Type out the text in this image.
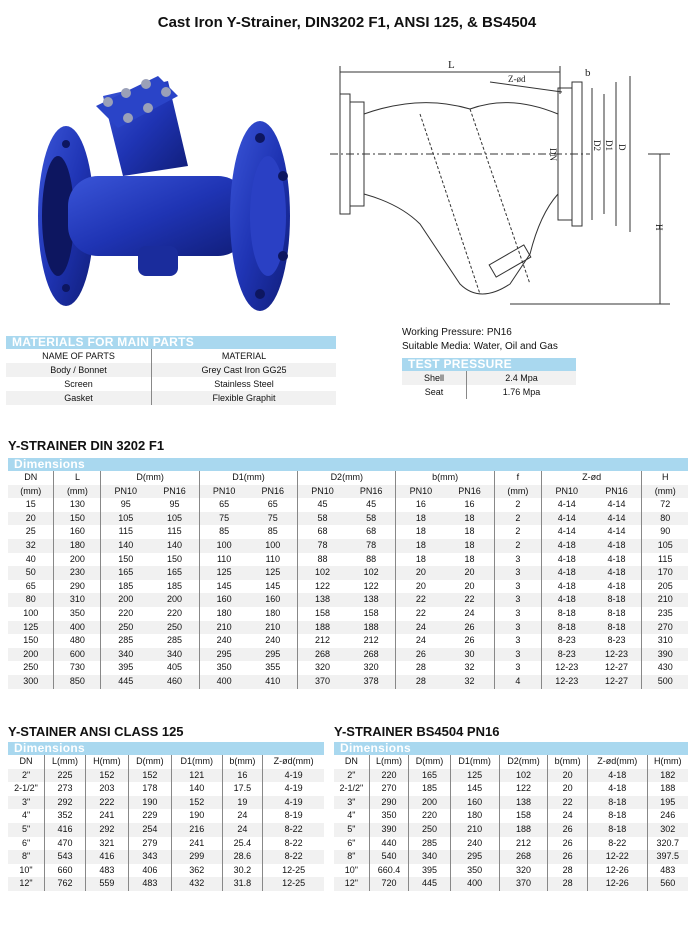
Cast Iron Y-Strainer, DIN3202 F1, ANSI 125, & BS4504
L
Z-ød	b
DN
D2 D1 D
H
MATERIALS FOR MAIN PARTS
NAME OF PARTS	MATERIAL
Body / Bonnet	Grey Cast Iron GG25
Screen	Stainless Steel
Gasket	Flexible Graphit
Working Pressure: PN16
Suitable Media: Water, Oil and Gas
TEST PRESSURE
Shell	2.4 Mpa
Seat	1.76 Mpa
Y-STRAINER DIN 3202 F1
Dimensions
DN	L	D(mm)		D1(mm)		D2(mm)		b(mm)		f	Z-ød		H
(mm)	(mm)	PN10	PN16	PN10	PN16	PN10	PN16	PN10	PN16	(mm)	PN10	PN16	(mm)
15	130	95	95	65	65	45	45	16	16	2	4-14	4-14	72
20	150	105	105	75	75	58	58	18	18	2	4-14	4-14	80
25	160	115	115	85	85	68	68	18	18	2	4-14	4-14	90
32	180	140	140	100	100	78	78	18	18	2	4-18	4-18	105
40	200	150	150	110	110	88	88	18	18	3	4-18	4-18	115
50	230	165	165	125	125	102	102	20	20	3	4-18	4-18	170
65	290	185	185	145	145	122	122	20	20	3	4-18	4-18	205
80	310	200	200	160	160	138	138	22	22	3	4-18	8-18	210
100	350	220	220	180	180	158	158	22	24	3	8-18	8-18	235
125	400	250	250	210	210	188	188	24	26	3	8-18	8-18	270
150	480	285	285	240	240	212	212	24	26	3	8-23	8-23	310
200	600	340	340	295	295	268	268	26	30	3	8-23	12-23	390
250	730	395	405	350	355	320	320	28	32	3	12-23	12-27	430
300	850	445	460	400	410	370	378	28	32	4	12-23	12-27	500
Y-STAINER ANSI CLASS 125
Dimensions
DN	L(mm)	H(mm)	D(mm)	D1(mm)	b(mm)	Z-ød(mm)
2"	225	152	152	121	16	4-19
2-1/2"	273	203	178	140	17.5	4-19
3"	292	222	190	152	19	4-19
4"	352	241	229	190	24	8-19
5"	416	292	254	216	24	8-22
6"	470	321	279	241	25.4	8-22
8"	543	416	343	299	28.6	8-22
10"	660	483	406	362	30.2	12-25
12"	762	559	483	432	31.8	12-25
Y-STRAINER BS4504 PN16
Dimensions
DN	L(mm)	D(mm)	D1(mm)	D2(mm)	b(mm)	Z-ød(mm)	H(mm)
2"	220	165	125	102	20	4-18	182
2-1/2"	270	185	145	122	20	4-18	188
3"	290	200	160	138	22	8-18	195
4"	350	220	180	158	24	8-18	246
5"	390	250	210	188	26	8-18	302
6"	440	285	240	212	26	8-22	320.7
8"	540	340	295	268	26	12-22	397.5
10"	660.4	395	350	320	28	12-26	483
12"	720	445	400	370	28	12-26	560
